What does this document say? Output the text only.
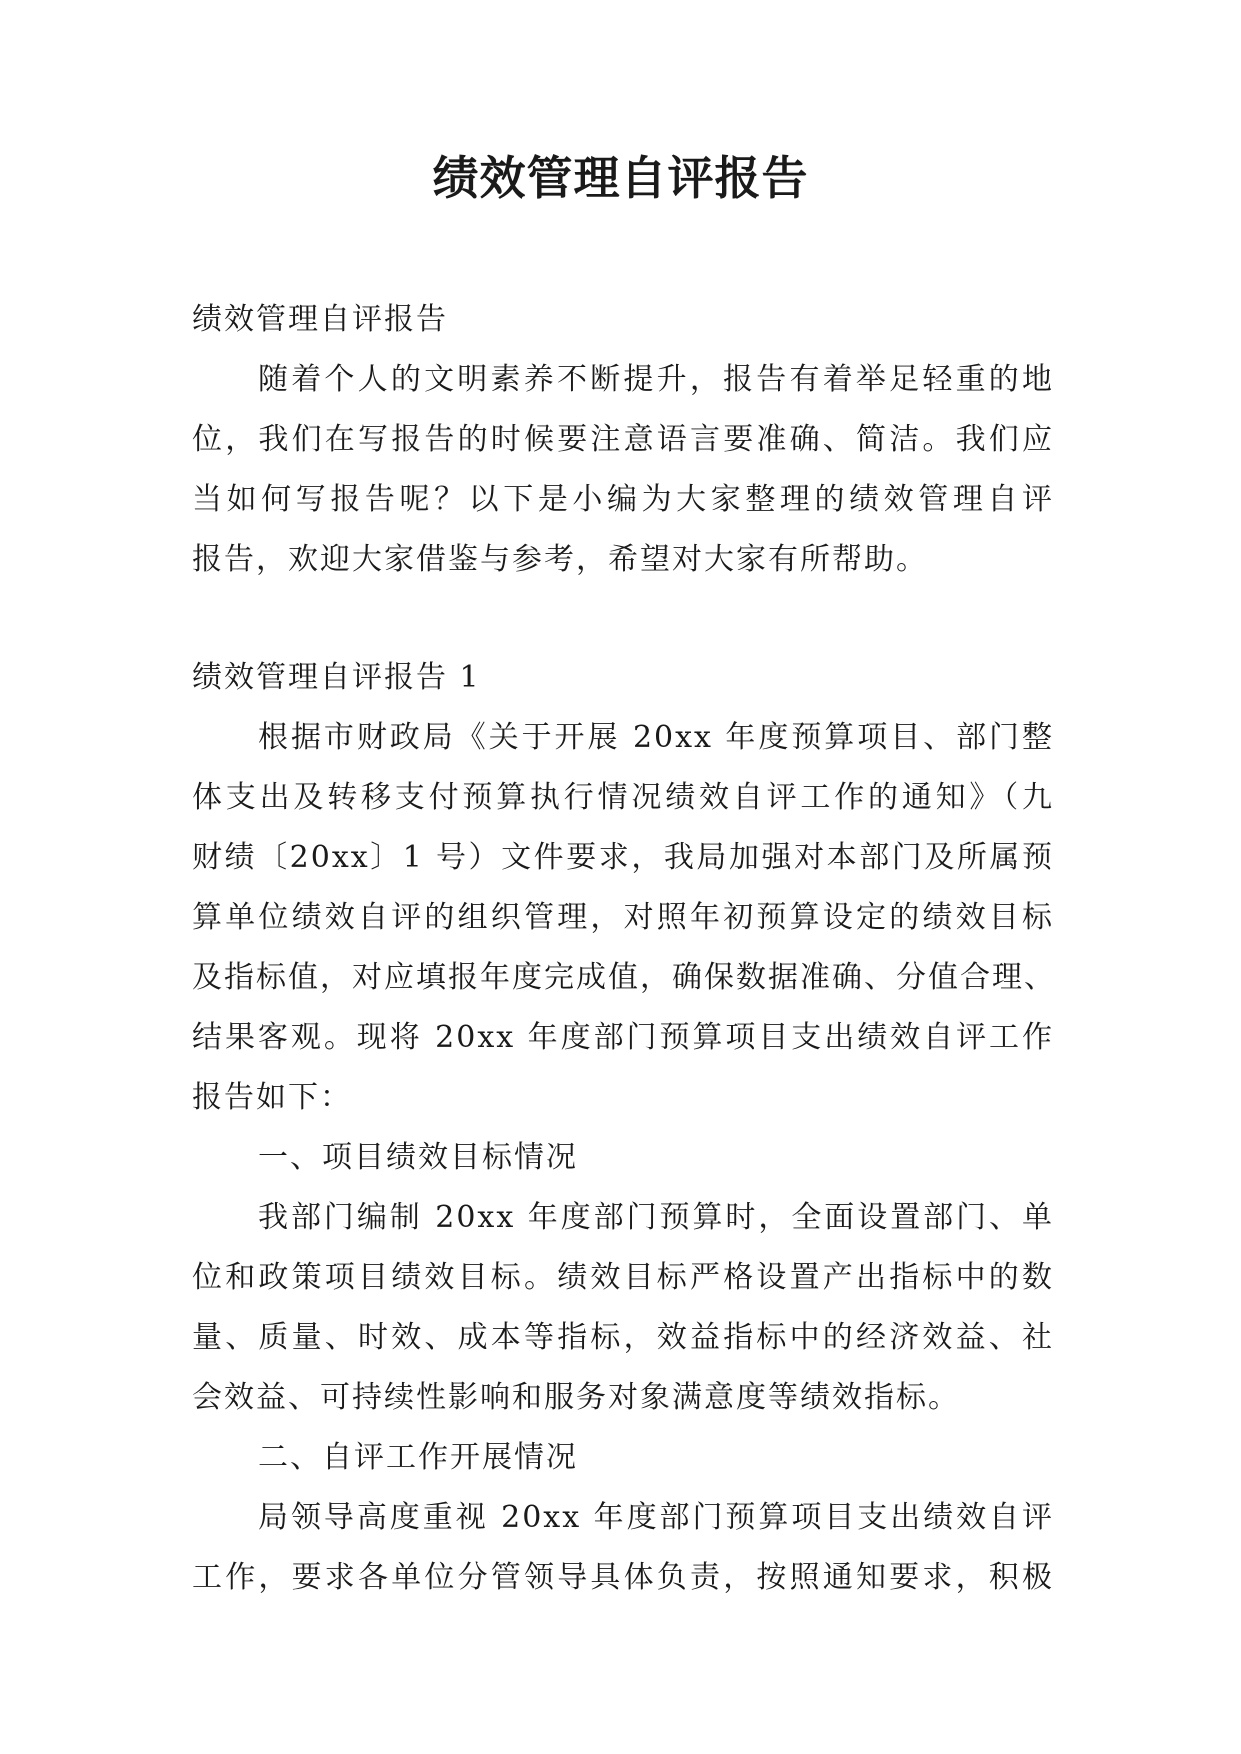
绩效管理自评报告

绩效管理自评报告

随着个人的文明素养不断提升，报告有着举足轻重的地

位，我们在写报告的时候要注意语言要准确、简洁。我们应

当如何写报告呢？以下是小编为大家整理的绩效管理自评

报告，欢迎大家借鉴与参考，希望对大家有所帮助。

绩效管理自评报告 1

根据市财政局《关于开展 20xx 年度预算项目、部门整

体支出及转移支付预算执行情况绩效自评工作的通知》（九

财绩〔20xx〕1 号）文件要求，我局加强对本部门及所属预

算单位绩效自评的组织管理，对照年初预算设定的绩效目标

及指标值，对应填报年度完成值，确保数据准确、分值合理、

结果客观。现将 20xx 年度部门预算项目支出绩效自评工作

报告如下：

一、项目绩效目标情况

我部门编制 20xx 年度部门预算时，全面设置部门、单

位和政策项目绩效目标。绩效目标严格设置产出指标中的数

量、质量、时效、成本等指标，效益指标中的经济效益、社

会效益、可持续性影响和服务对象满意度等绩效指标。

二、自评工作开展情况

局领导高度重视 20xx 年度部门预算项目支出绩效自评

工作，要求各单位分管领导具体负责，按照通知要求，积极
